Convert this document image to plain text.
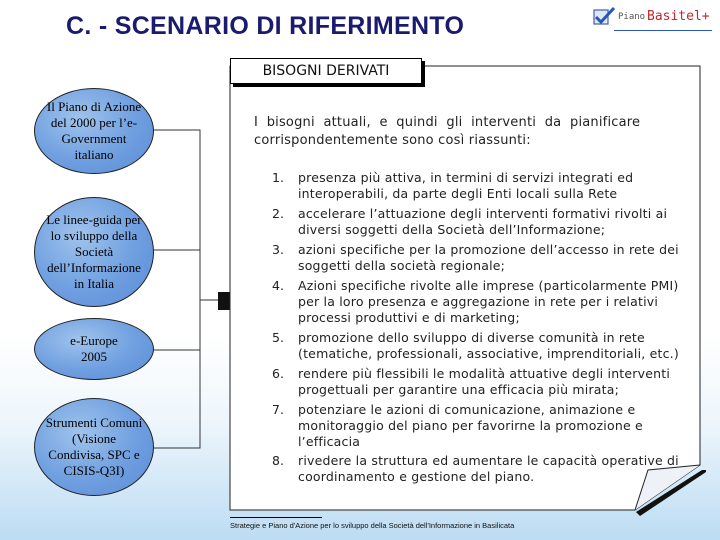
C. - SCENARIO DI RIFERIMENTO	Piano Basitel+
BISOGNI DERIVATI
Il Piano di Azione
del 2000 per l’e-
Government
italiano
Le linee-guida per
lo sviluppo della
Società
dell’Informazione
in Italia
e-Europe
2005
Strumenti Comuni
(Visione
Condivisa, SPC e
CISIS-Q3I)
I  bisogni  attuali,  e  quindi  gli  interventi  da  pianificare
corrispondentemente sono così riassunti:
1.	presenza più attiva, in termini di servizi integrati ed
interoperabili, da parte degli Enti locali sulla Rete
2.	accelerare l’attuazione degli interventi formativi rivolti ai
diversi soggetti della Società dell’Informazione;
3.	azioni specifiche per la promozione dell’accesso in rete dei
soggetti della società regionale;
4.	Azioni specifiche rivolte alle imprese (particolarmente PMI)
per la loro presenza e aggregazione in rete per i relativi
processi produttivi e di marketing;
5.	promozione dello sviluppo di diverse comunità in rete
(tematiche, professionali, associative, imprenditoriali, etc.)
6.	rendere più flessibili le modalità attuative degli interventi
progettuali per garantire una efficacia più mirata;
7.	potenziare le azioni di comunicazione, animazione e
monitoraggio del piano per favorirne la promozione e
l’efficacia
8.	rivedere la struttura ed aumentare le capacità operative di
coordinamento e gestione del piano.
Strategie e Piano d'Azione per lo sviluppo della Società dell'Informazione in Basilicata
